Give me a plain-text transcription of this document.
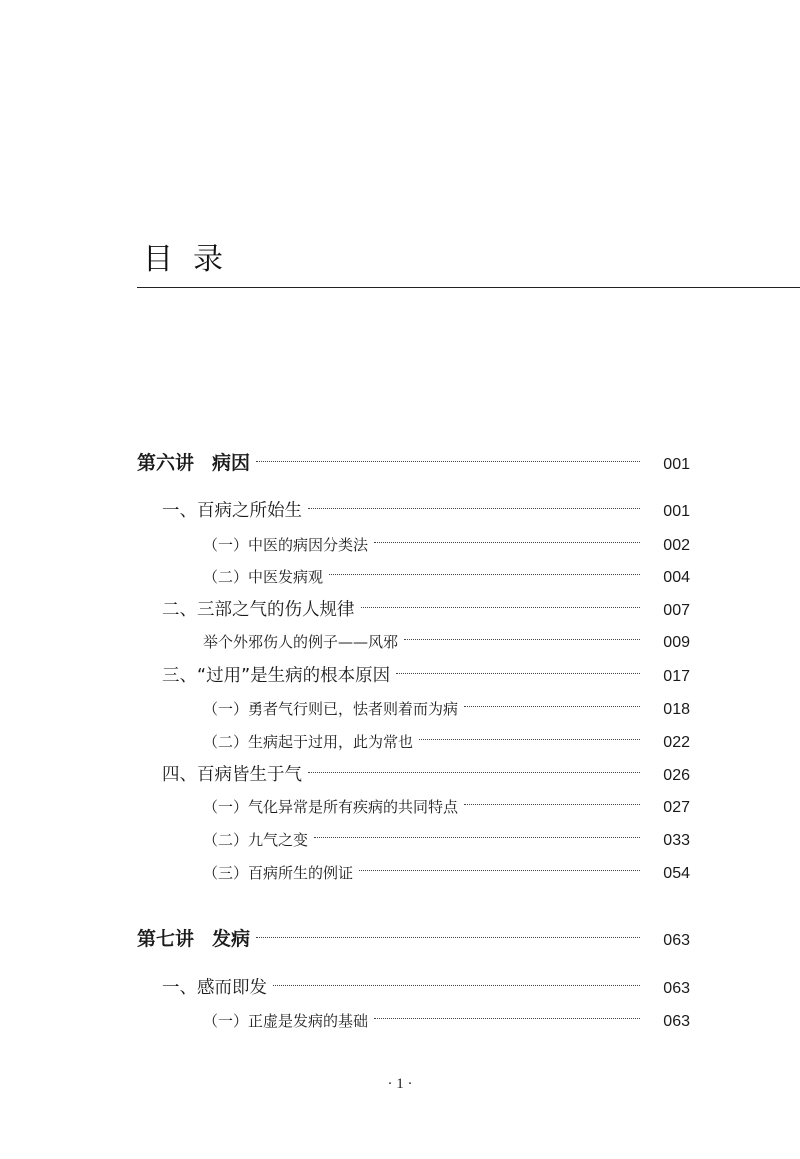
目录
第六讲 病因	001
一、百病之所始生	001
（一）中医的病因分类法	002
（二）中医发病观	004
二、三部之气的伤人规律	007
举个外邪伤人的例子——风邪	009
三、“过用”是生病的根本原因	017
（一）勇者气行则已，怯者则着而为病	018
（二）生病起于过用，此为常也	022
四、百病皆生于气	026
（一）气化异常是所有疾病的共同特点	027
（二）九气之变	033
（三）百病所生的例证	054
第七讲 发病	063
一、感而即发	063
（一）正虚是发病的基础	063
· 1 ·
